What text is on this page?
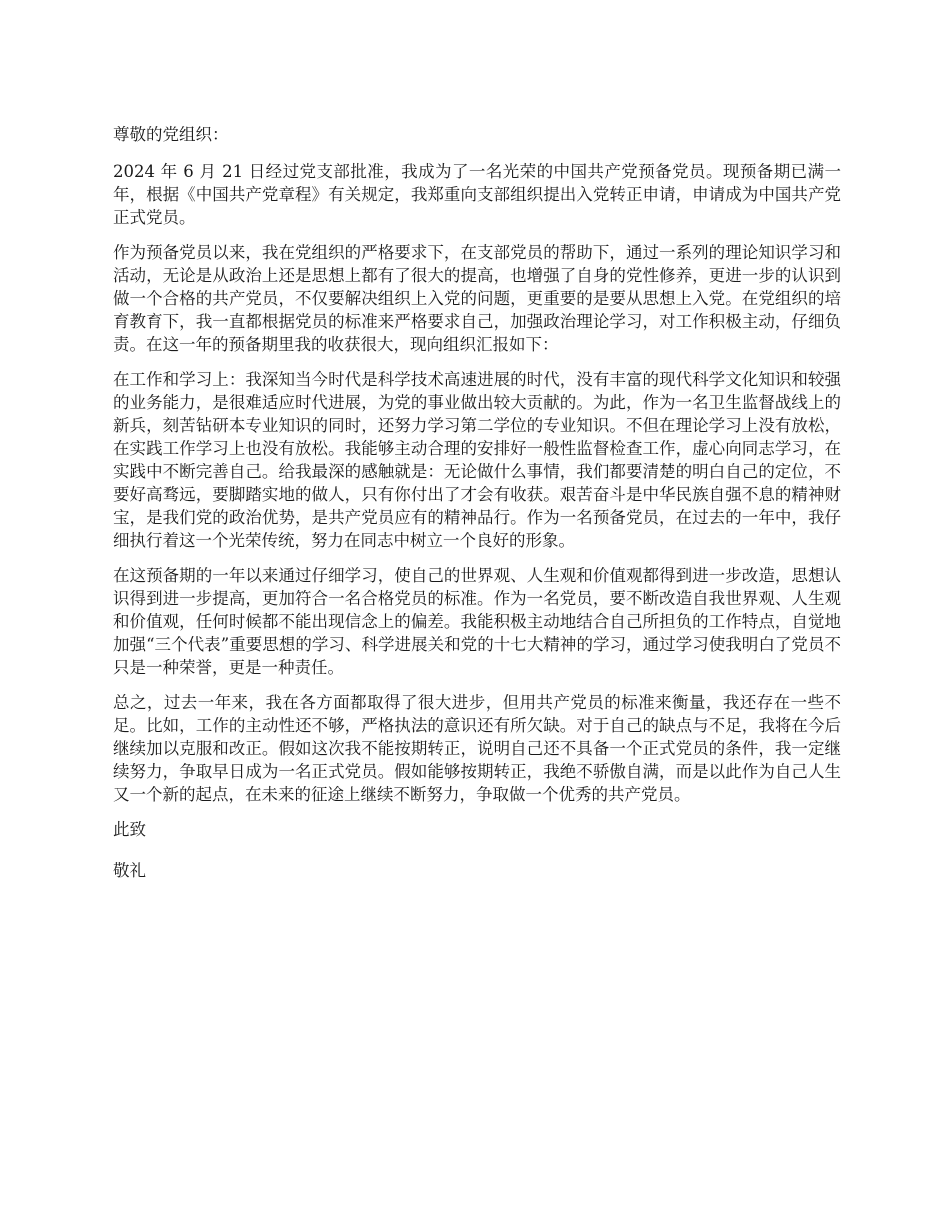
尊敬的党组织：

2024 年 6 月 21 日经过党支部批准，我成为了一名光荣的中国共产党预备党员。现预备期已满一年，根据《中国共产党章程》有关规定，我郑重向支部组织提出入党转正申请，申请成为中国共产党正式党员。

作为预备党员以来，我在党组织的严格要求下，在支部党员的帮助下，通过一系列的理论知识学习和活动，无论是从政治上还是思想上都有了很大的提高，也增强了自身的党性修养，更进一步的认识到做一个合格的共产党员，不仅要解决组织上入党的问题，更重要的是要从思想上入党。在党组织的培育教育下，我一直都根据党员的标准来严格要求自己，加强政治理论学习，对工作积极主动，仔细负责。在这一年的预备期里我的收获很大，现向组织汇报如下：

在工作和学习上：我深知当今时代是科学技术高速进展的时代，没有丰富的现代科学文化知识和较强的业务能力，是很难适应时代进展，为党的事业做出较大贡献的。为此，作为一名卫生监督战线上的新兵，刻苦钻研本专业知识的同时，还努力学习第二学位的专业知识。不但在理论学习上没有放松，在实践工作学习上也没有放松。我能够主动合理的安排好一般性监督检查工作，虚心向同志学习，在实践中不断完善自己。给我最深的感触就是：无论做什么事情，我们都要清楚的明白自己的定位，不要好高骛远，要脚踏实地的做人，只有你付出了才会有收获。艰苦奋斗是中华民族自强不息的精神财宝，是我们党的政治优势，是共产党员应有的精神品行。作为一名预备党员，在过去的一年中，我仔细执行着这一个光荣传统，努力在同志中树立一个良好的形象。

在这预备期的一年以来通过仔细学习，使自己的世界观、人生观和价值观都得到进一步改造，思想认识得到进一步提高，更加符合一名合格党员的标准。作为一名党员，要不断改造自我世界观、人生观和价值观，任何时候都不能出现信念上的偏差。我能积极主动地结合自己所担负的工作特点，自觉地加强“三个代表”重要思想的学习、科学进展关和党的十七大精神的学习，通过学习使我明白了党员不只是一种荣誉，更是一种责任。

总之，过去一年来，我在各方面都取得了很大进步，但用共产党员的标准来衡量，我还存在一些不足。比如，工作的主动性还不够，严格执法的意识还有所欠缺。对于自己的缺点与不足，我将在今后继续加以克服和改正。假如这次我不能按期转正，说明自己还不具备一个正式党员的条件，我一定继续努力，争取早日成为一名正式党员。假如能够按期转正，我绝不骄傲自满，而是以此作为自己人生又一个新的起点，在未来的征途上继续不断努力，争取做一个优秀的共产党员。

此致

敬礼
